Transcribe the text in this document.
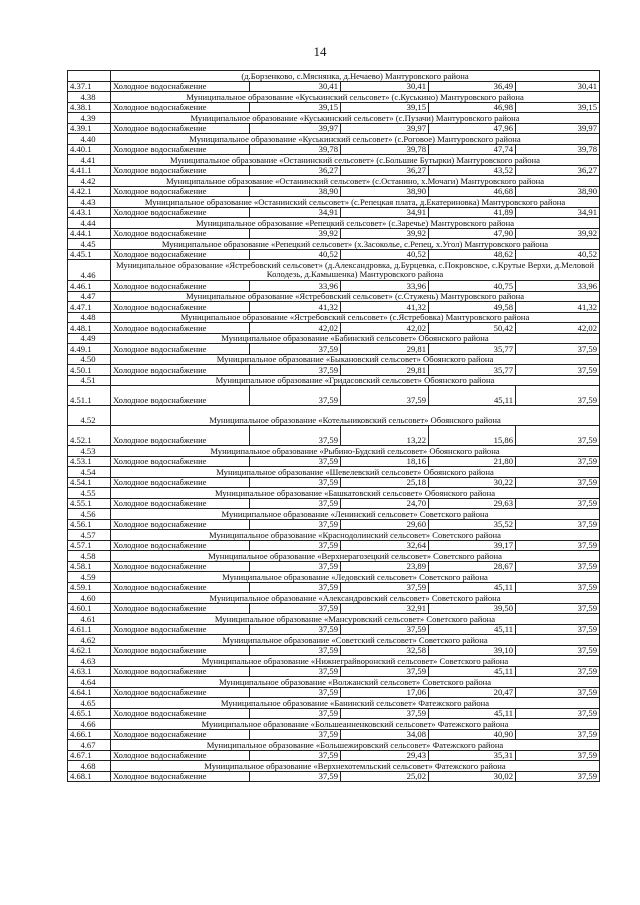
14
	(д.Борзенково, с.Мяснянка, д.Нечаево) Мантуровского района				
4.37.1	Холодное водоснабжение	30,41	30,41	36,49	30,41
4.38	Муниципальное образование «Куськинский сельсовет» (с.Куськино) Мантуровского района				
4.38.1	Холодное водоснабжение	39,15	39,15	46,98	39,15
4.39	Муниципальное образование «Куськинский сельсовет» (с.Пузачи) Мантуровского района				
4.39.1	Холодное водоснабжение	39,97	39,97	47,96	39,97
4.40	Муниципальное образование «Куськинский сельсовет» (с.Роговое) Мантуровского района				
4.40.1	Холодное водоснабжение	39,78	39,78	47,74	39,78
4.41	Муниципальное образование «Останинский сельсовет» (с.Большие Бутырки) Мантуровского района				
4.41.1	Холодное водоснабжение	36,27	36,27	43,52	36,27
4.42	Муниципальное образование «Останинский сельсовет» (с.Останино, х.Мочаги) Мантуровского района				
4.42.1	Холодное водоснабжение	38,90	38,90	46,68	38,90
4.43	Муниципальное образование «Останинский сельсовет» (с.Репецкая плата, д.Екатериновка) Мантуровского района				
4.43.1	Холодное водоснабжение	34,91	34,91	41,89	34,91
4.44	Муниципальное образование «Репецкий сельсовет» (с.Заречье) Мантуровского района				
4.44.1	Холодное водоснабжение	39,92	39,92	47,90	39,92
4.45	Муниципальное образование «Репецкий сельсовет» (х.Засоколье, с.Репец, х.Угол) Мантуровского района				
4.45.1	Холодное водоснабжение	40,52	40,52	48,62	40,52
4.46	Муниципальное образование «Ястребовский сельсовет» (д.Александровка, д.Бурцевка, с.Покровское, с.Крутые Верхи, д.Меловой Колодезь, д.Камышенка) Мантуровского района				
4.46.1	Холодное водоснабжение	33,96	33,96	40,75	33,96
4.47	Муниципальное образование «Ястребовский сельсовет» (с.Стужень) Мантуровского района				
4.47.1	Холодное водоснабжение	41,32	41,32	49,58	41,32
4.48	Муниципальное образование «Ястребовский сельсовет» (с.Ястребовка) Мантуровского района				
4.48.1	Холодное водоснабжение	42,02	42,02	50,42	42,02
4.49	Муниципальное образование «Бабинский сельсовет» Обоянского района				
4.49.1	Холодное водоснабжение	37,59	29,81	35,77	37,59
4.50	Муниципальное образование «Быкановский сельсовет» Обоянского района				
4.50.1	Холодное водоснабжение	37,59	29,81	35,77	37,59
4.51	Муниципальное образование «Гридасовский сельсовет» Обоянского района				
4.51.1	Холодное водоснабжение	37,59	37,59	45,11	37,59
4.52	Муниципальное образование «Котельниковский сельсовет» Обоянского района				
4.52.1	Холодное водоснабжение	37,59	13,22	15,86	37,59
4.53	Муниципальное образование «Рыбино-Будский сельсовет» Обоянского района				
4.53.1	Холодное водоснабжение	37,59	18,16	21,80	37,59
4.54	Муниципальное образование «Шевелевский сельсовет» Обоянского района				
4.54.1	Холодное водоснабжение	37,59	25,18	30,22	37,59
4.55	Муниципальное образование «Башкатовский сельсовет» Обоянского района				
4.55.1	Холодное водоснабжение	37,59	24,70	29,63	37,59
4.56	Муниципальное образование «Ленинский сельсовет» Советского района				
4.56.1	Холодное водоснабжение	37,59	29,60	35,52	37,59
4.57	Муниципальное образование «Краснодолинский сельсовет» Советского района				
4.57.1	Холодное водоснабжение	37,59	32,64	39,17	37,59
4.58	Муниципальное образование «Верхнерагозецкий сельсовет» Советского района				
4.58.1	Холодное водоснабжение	37,59	23,89	28,67	37,59
4.59	Муниципальное образование «Ледовский сельсовет» Советского района				
4.59.1	Холодное водоснабжение	37,59	37,59	45,11	37,59
4.60	Муниципальное образование «Александровский сельсовет» Советского района				
4.60.1	Холодное водоснабжение	37,59	32,91	39,50	37,59
4.61	Муниципальное образование «Мансуровский сельсовет» Советского района				
4.61.1	Холодное водоснабжение	37,59	37,59	45,11	37,59
4.62	Муниципальное образование «Советский сельсовет» Советского района				
4.62.1	Холодное водоснабжение	37,59	32,58	39,10	37,59
4.63	Муниципальное образование «Нижнеграйворонский сельсовет» Советского района				
4.63.1	Холодное водоснабжение	37,59	37,59	45,11	37,59
4.64	Муниципальное образование «Волжанский сельсовет» Советского района				
4.64.1	Холодное водоснабжение	37,59	17,06	20,47	37,59
4.65	Муниципальное образование «Банинский сельсовет» Фатежского района				
4.65.1	Холодное водоснабжение	37,59	37,59	45,11	37,59
4.66	Муниципальное образование «Большеанненковский сельсовет» Фатежского района				
4.66.1	Холодное водоснабжение	37,59	34,08	40,90	37,59
4.67	Муниципальное образование «Большежировский сельсовет» Фатежского района				
4.67.1	Холодное водоснабжение	37,59	29,43	35,31	37,59
4.68	Муниципальное образование «Верхнехотемльский сельсовет» Фатежского района				
4.68.1	Холодное водоснабжение	37,59	25,02	30,02	37,59
